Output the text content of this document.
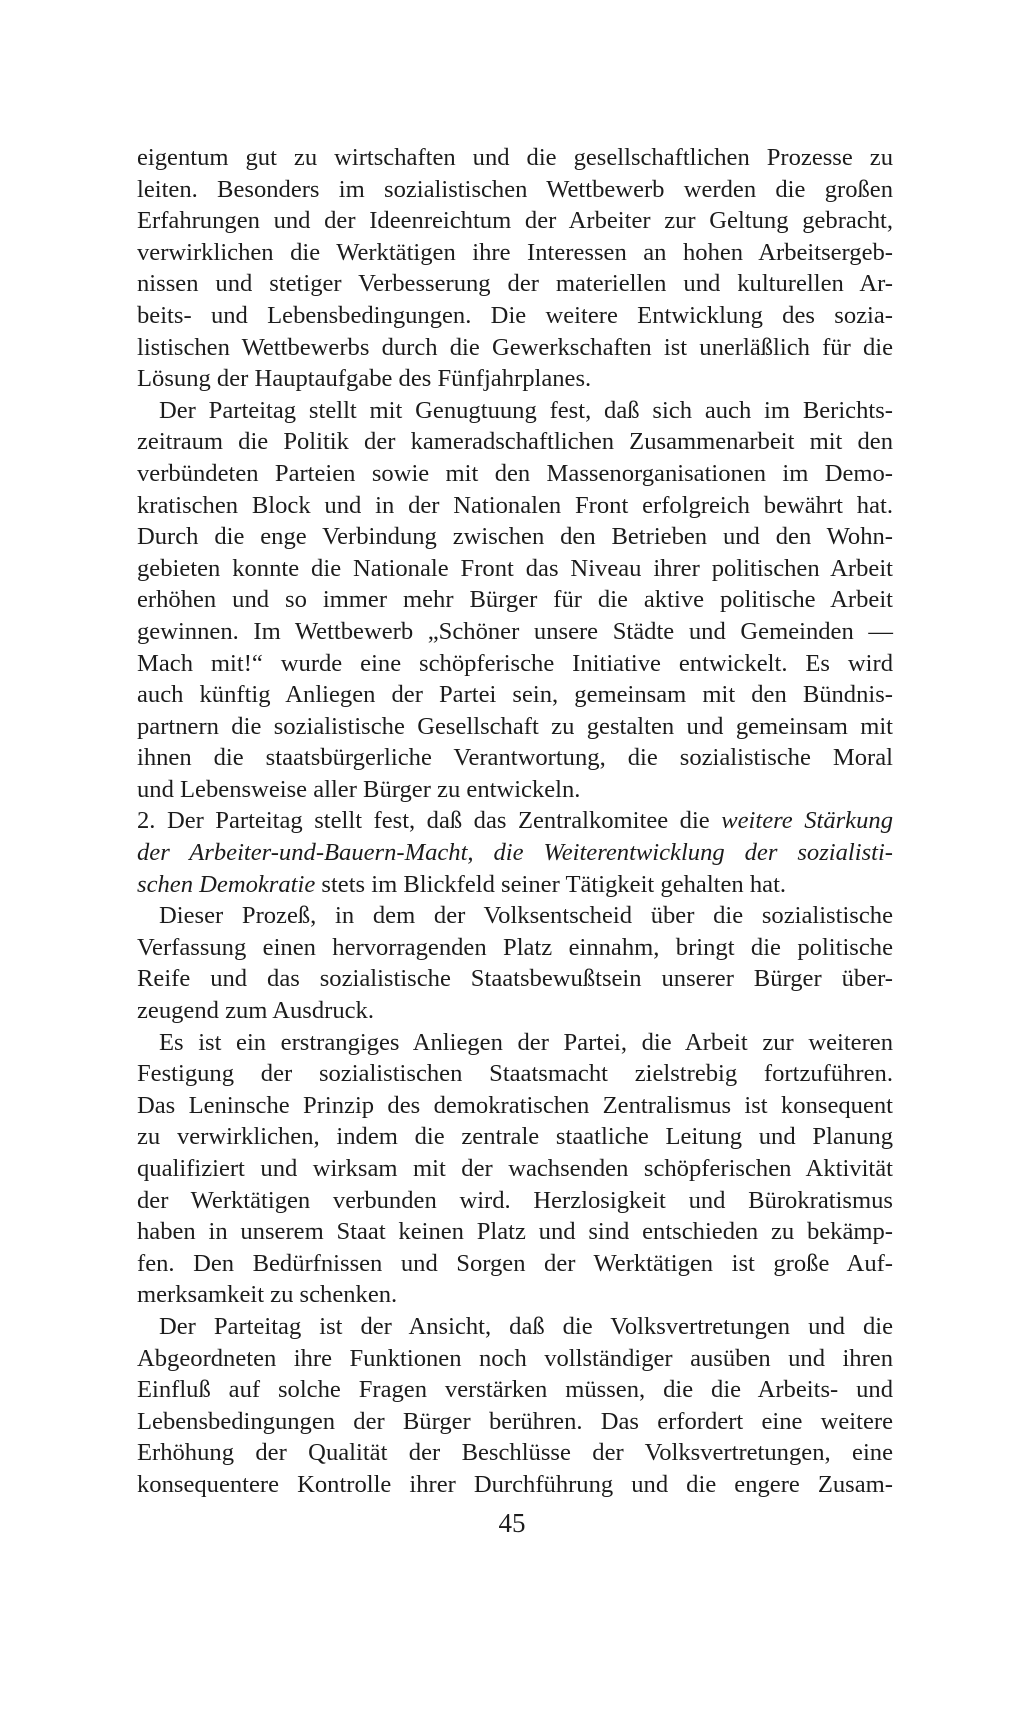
eigentum gut zu wirtschaften und die gesellschaftlichen Prozesse zu
leiten. Besonders im sozialistischen Wettbewerb werden die großen
Erfahrungen und der Ideenreichtum der Arbeiter zur Geltung gebracht,
verwirklichen die Werktätigen ihre Interessen an hohen Arbeitsergeb-
nissen und stetiger Verbesserung der materiellen und kulturellen Ar-
beits- und Lebensbedingungen. Die weitere Entwicklung des sozia-
listischen Wettbewerbs durch die Gewerkschaften ist unerläßlich für die
Lösung der Hauptaufgabe des Fünfjahrplanes.
Der Parteitag stellt mit Genugtuung fest, daß sich auch im Berichts-
zeitraum die Politik der kameradschaftlichen Zusammenarbeit mit den
verbündeten Parteien sowie mit den Massenorganisationen im Demo-
kratischen Block und in der Nationalen Front erfolgreich bewährt hat.
Durch die enge Verbindung zwischen den Betrieben und den Wohn-
gebieten konnte die Nationale Front das Niveau ihrer politischen Arbeit
erhöhen und so immer mehr Bürger für die aktive politische Arbeit
gewinnen. Im Wettbewerb „Schöner unsere Städte und Gemeinden —
Mach mit!“ wurde eine schöpferische Initiative entwickelt. Es wird
auch künftig Anliegen der Partei sein, gemeinsam mit den Bündnis-
partnern die sozialistische Gesellschaft zu gestalten und gemeinsam mit
ihnen die staatsbürgerliche Verantwortung, die sozialistische Moral
und Lebensweise aller Bürger zu entwickeln.
2. Der Parteitag stellt fest, daß das Zentralkomitee die weitere Stärkung
der Arbeiter-und-Bauern-Macht, die Weiterentwicklung der sozialisti-
schen Demokratie stets im Blickfeld seiner Tätigkeit gehalten hat.
Dieser Prozeß, in dem der Volksentscheid über die sozialistische
Verfassung einen hervorragenden Platz einnahm, bringt die politische
Reife und das sozialistische Staatsbewußtsein unserer Bürger über-
zeugend zum Ausdruck.
Es ist ein erstrangiges Anliegen der Partei, die Arbeit zur weiteren
Festigung der sozialistischen Staatsmacht zielstrebig fortzuführen.
Das Leninsche Prinzip des demokratischen Zentralismus ist konsequent
zu verwirklichen, indem die zentrale staatliche Leitung und Planung
qualifiziert und wirksam mit der wachsenden schöpferischen Aktivität
der Werktätigen verbunden wird. Herzlosigkeit und Bürokratismus
haben in unserem Staat keinen Platz und sind entschieden zu bekämp-
fen. Den Bedürfnissen und Sorgen der Werktätigen ist große Auf-
merksamkeit zu schenken.
Der Parteitag ist der Ansicht, daß die Volksvertretungen und die
Abgeordneten ihre Funktionen noch vollständiger ausüben und ihren
Einfluß auf solche Fragen verstärken müssen, die die Arbeits- und
Lebensbedingungen der Bürger berühren. Das erfordert eine weitere
Erhöhung der Qualität der Beschlüsse der Volksvertretungen, eine
konsequentere Kontrolle ihrer Durchführung und die engere Zusam-
45
